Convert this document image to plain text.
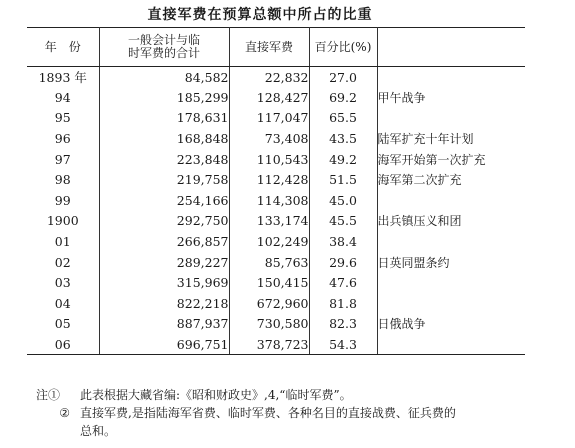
直接军费在预算总额中所占的比重
年　份	一般会计与临
时军费的合计	直接军费	百分比(%)	
1893 年	84,582	22,832	27.0	
94	185,299	128,427	69.2	甲午战争
95	178,631	117,047	65.5	
96	168,848	73,408	43.5	陆军扩充十年计划
97	223,848	110,543	49.2	海军开始第一次扩充
98	219,758	112,428	51.5	海军第二次扩充
99	254,166	114,308	45.0	
1900	292,750	133,174	45.5	出兵镇压义和团
01	266,857	102,249	38.4	
02	289,227	85,763	29.6	日英同盟条约
03	315,969	150,415	47.6	
04	822,218	672,960	81.8	
05	887,937	730,580	82.3	日俄战争
06	696,751	378,723	54.3	
注①	此表根据大藏省编:《昭和财政史》,4,“临时军费”。
② 直接军费,是指陆海军省费、临时军费、各种名目的直接战费、征兵费的
总和。
